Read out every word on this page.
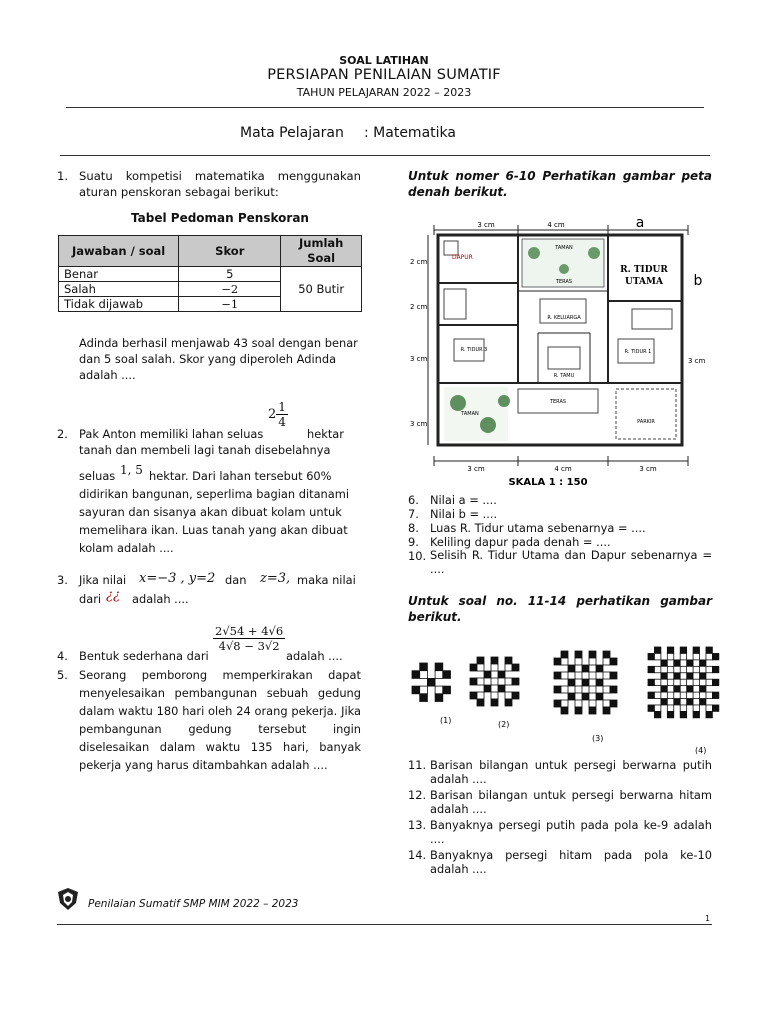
SOAL LATIHAN
PERSIAPAN PENILAIAN SUMATIF
TAHUN PELAJARAN 2022 – 2023
Mata Pelajaran : Matematika
1. Suatu kompetisi matematika menggunakan aturan penskoran sebagai berikut:
Tabel Pedoman Penskoran
Jawaban / soal	Skor	Jumlah Soal
Benar	5	50 Butir
Salah	−2	
Tidak dijawab	−1	
Adinda berhasil menjawab 43 soal dengan benar dan 5 soal salah. Skor yang diperoleh Adinda adalah ....
$2 \frac{1}{4}$
2. Pak Anton memiliki lahan seluas	hektar
tanah dan membeli lagi tanah disebelahnya
seluas 1, 5 hektar. Dari lahan tersebut 60%
didirikan bangunan, seperlima bagian ditanami
sayuran dan sisanya akan dibuat kolam untuk
memelihara ikan. Luas tanah yang akan dibuat
kolam adalah ....
3. Jika nilai x=−3 , y=2 dan z=3, maka nilai
dari ¿¿ adalah ....
$\frac{2√54 + 4√6}{4√8 - 3√2}$
4. Bentuk sederhana dari	adalah ....
5. Seorang pemborong memperkirakan dapat menyelesaikan pembangunan sebuah gedung dalam waktu 180 hari oleh 24 orang pekerja. Jika pembangunan gedung tersebut ingin diselesaikan dalam waktu 135 hari, banyak pekerja yang harus ditambahkan adalah ....
Untuk nomer 6-10 Perhatikan gambar peta denah berikut.
3 cm	4 cm	a
b
2 cm
2 cm
3 cm
3 cm
3 cm
DAPUR
TAMAN
TERAS
R. TIDUR
UTAMA
R. KELUARGA
R. TIDUR 3	R. TIDUR 1
R. TAMU
TERAS
TAMAN
PARKIR
3 cm	4 cm	3 cm
SKALA 1 : 150
6. Nilai a = ....
7. Nilai b = ....
8. Luas R. Tidur utama sebenarnya = ....
9. Keliling dapur pada denah = ....
10. Selisih R. Tidur Utama dan Dapur sebenarnya = ....
Untuk soal no. 11-14 perhatikan gambar berikut.
(1)	(2)
(3)
(4)
11. Barisan bilangan untuk persegi berwarna putih adalah ....
12. Barisan bilangan untuk persegi berwarna hitam adalah ....
13. Banyaknya persegi putih pada pola ke-9 adalah ....
14. Banyaknya persegi hitam pada pola ke-10 adalah ....
Penilaian Sumatif SMP MIM 2022 – 2023
1
